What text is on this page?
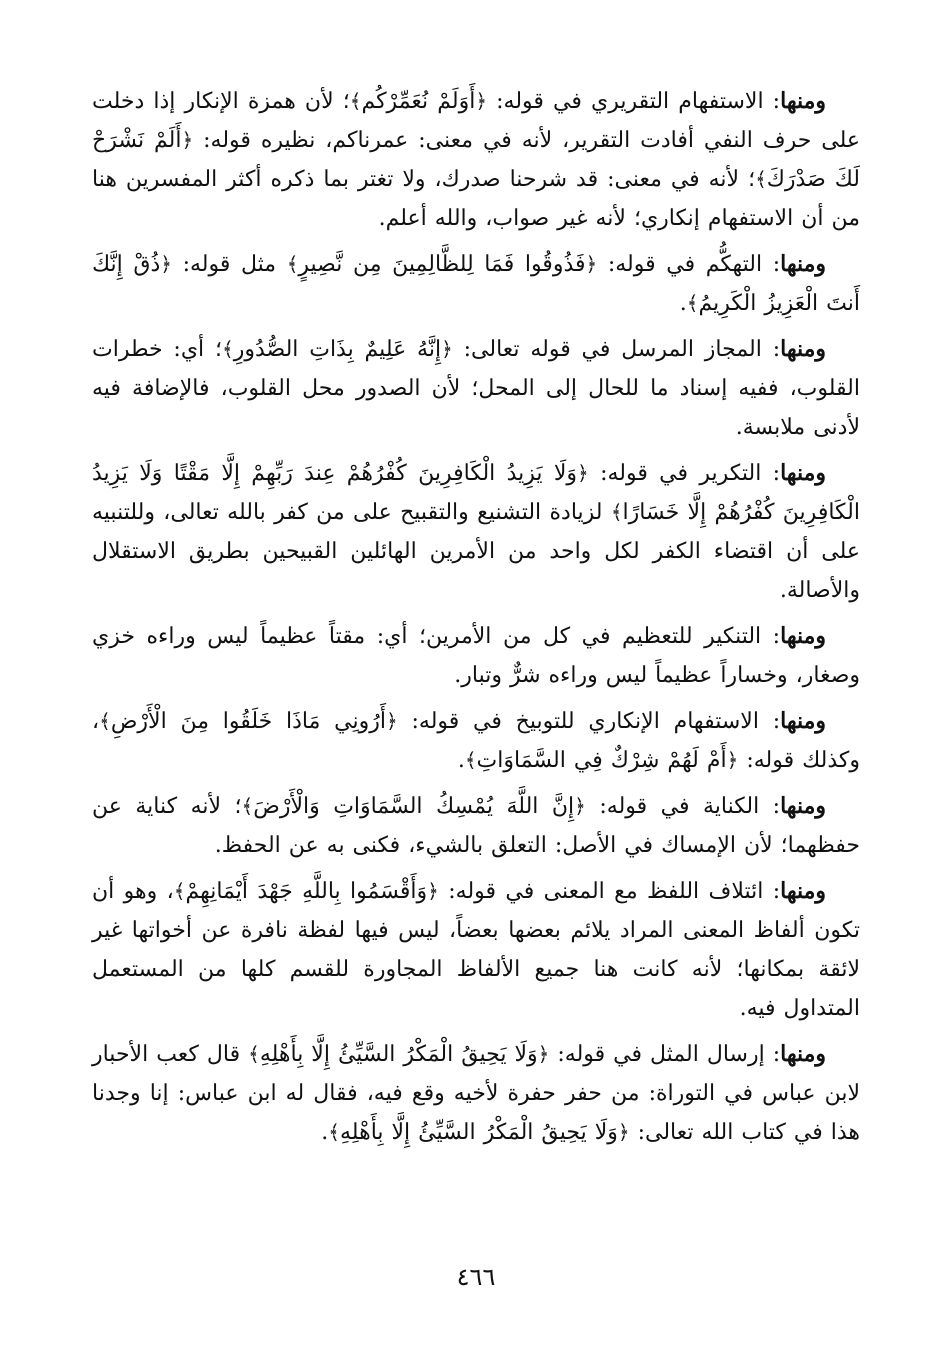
ومنها: الاستفهام التقريري في قوله: ﴿أَوَلَمْ نُعَمِّرْكُم﴾؛ لأن همزة الإنكار إذا دخلت على حرف النفي أفادت التقرير، لأنه في معنى: عمرناكم، نظيره قوله: ﴿أَلَمْ نَشْرَحْ لَكَ صَدْرَكَ﴾؛ لأنه في معنى: قد شرحنا صدرك، ولا تغتر بما ذكره أكثر المفسرين هنا من أن الاستفهام إنكاري؛ لأنه غير صواب، والله أعلم.

ومنها: التهكُّم في قوله: ﴿فَذُوقُوا فَمَا لِلظَّالِمِينَ مِن نَّصِيرٍ﴾ مثل قوله: ﴿ذُقْ إِنَّكَ أَنتَ الْعَزِيزُ الْكَرِيمُ﴾.

ومنها: المجاز المرسل في قوله تعالى: ﴿إِنَّهُ عَلِيمٌ بِذَاتِ الصُّدُورِ﴾؛ أي: خطرات القلوب، ففيه إسناد ما للحال إلى المحل؛ لأن الصدور محل القلوب، فالإضافة فيه لأدنى ملابسة.

ومنها: التكرير في قوله: ﴿وَلَا يَزِيدُ الْكَافِرِينَ كُفْرُهُمْ عِندَ رَبِّهِمْ إِلَّا مَقْتًا وَلَا يَزِيدُ الْكَافِرِينَ كُفْرُهُمْ إِلَّا خَسَارًا﴾ لزيادة التشنيع والتقبيح على من كفر بالله تعالى، وللتنبيه على أن اقتضاء الكفر لكل واحد من الأمرين الهائلين القبيحين بطريق الاستقلال والأصالة.

ومنها: التنكير للتعظيم في كل من الأمرين؛ أي: مقتاً عظيماً ليس وراءه خزي وصغار، وخساراً عظيماً ليس وراءه شرٌّ وتبار.

ومنها: الاستفهام الإنكاري للتوبيخ في قوله: ﴿أَرُونِي مَاذَا خَلَقُوا مِنَ الْأَرْضِ﴾، وكذلك قوله: ﴿أَمْ لَهُمْ شِرْكٌ فِي السَّمَاوَاتِ﴾.

ومنها: الكناية في قوله: ﴿إِنَّ اللَّهَ يُمْسِكُ السَّمَاوَاتِ وَالْأَرْضَ﴾؛ لأنه كناية عن حفظهما؛ لأن الإمساك في الأصل: التعلق بالشيء، فكنى به عن الحفظ.

ومنها: ائتلاف اللفظ مع المعنى في قوله: ﴿وَأَقْسَمُوا بِاللَّهِ جَهْدَ أَيْمَانِهِمْ﴾، وهو أن تكون ألفاظ المعنى المراد يلائم بعضها بعضاً، ليس فيها لفظة نافرة عن أخواتها غير لائقة بمكانها؛ لأنه كانت هنا جميع الألفاظ المجاورة للقسم كلها من المستعمل المتداول فيه.

ومنها: إرسال المثل في قوله: ﴿وَلَا يَحِيقُ الْمَكْرُ السَّيِّئُ إِلَّا بِأَهْلِهِ﴾ قال كعب الأحبار لابن عباس في التوراة: من حفر حفرة لأخيه وقع فيه، فقال له ابن عباس: إنا وجدنا هذا في كتاب الله تعالى: ﴿وَلَا يَحِيقُ الْمَكْرُ السَّيِّئُ إِلَّا بِأَهْلِهِ﴾.

٤٦٦
